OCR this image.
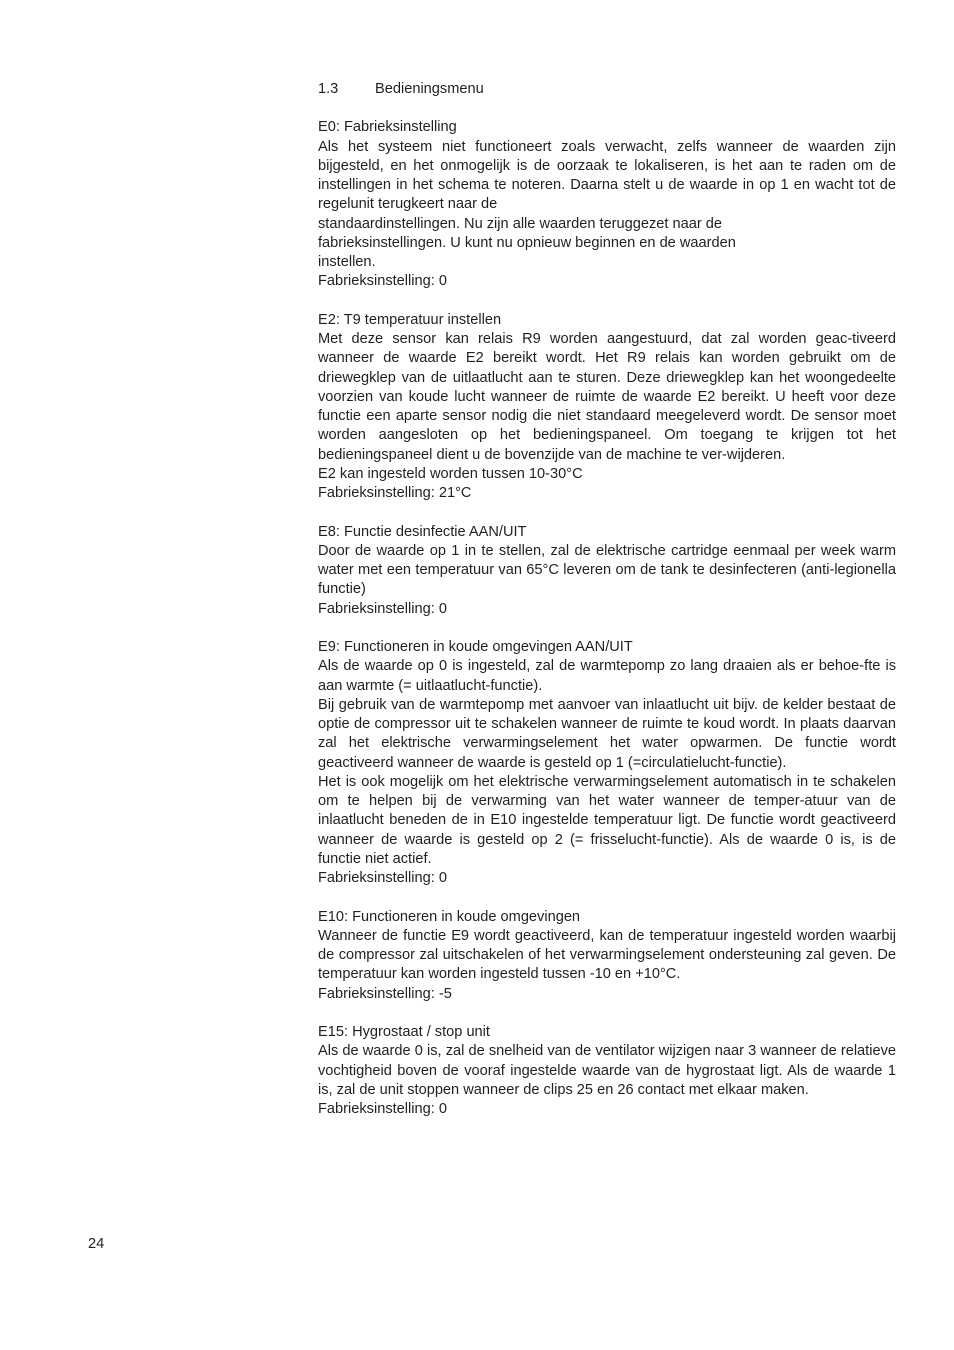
1.3	Bedieningsmenu

E0: Fabrieksinstelling

Als het systeem niet functioneert zoals verwacht, zelfs wanneer de waarden zijn bijgesteld, en het onmogelijk is de oorzaak te lokaliseren, is het aan te raden om de instellingen in het schema te noteren. Daarna stelt u de waarde in op 1 en wacht tot de regelunit terugkeert naar de

standaardinstellingen. Nu zijn alle waarden teruggezet naar de fabrieksinstellingen. U kunt nu opnieuw beginnen en de waarden instellen.

Fabrieksinstelling: 0

E2: T9 temperatuur instellen

Met deze sensor kan relais R9 worden aangestuurd, dat zal worden geac-tiveerd wanneer de waarde E2 bereikt wordt. Het R9 relais kan worden gebruikt om de driewegklep van de uitlaatlucht aan te sturen. Deze driewegklep kan het woongedeelte voorzien van koude lucht wanneer de ruimte de waarde E2 bereikt. U heeft voor deze functie een aparte sensor nodig die niet standaard meegeleverd wordt. De sensor moet worden aangesloten op het bedieningspaneel. Om toegang te krijgen tot het bedieningspaneel dient u de bovenzijde van de machine te ver-wijderen.

E2 kan ingesteld worden tussen 10-30°C

Fabrieksinstelling: 21°C

E8: Functie desinfectie AAN/UIT

Door de waarde op 1 in te stellen, zal de elektrische cartridge eenmaal per week warm water met een temperatuur van 65°C leveren om de tank te desinfecteren (anti-legionella functie)

Fabrieksinstelling: 0

E9: Functioneren in koude omgevingen AAN/UIT

Als de waarde op 0 is ingesteld, zal de warmtepomp zo lang draaien als er behoe-fte is aan warmte (= uitlaatlucht-functie).

Bij gebruik van de warmtepomp met aanvoer van inlaatlucht uit bijv. de kelder bestaat de optie de compressor uit te schakelen wanneer de ruimte te koud wordt. In plaats daarvan zal het elektrische verwarmingselement het water opwarmen. De functie wordt geactiveerd wanneer de waarde is gesteld op 1 (=circulatielucht-functie).

Het is ook mogelijk om het elektrische verwarmingselement automatisch in te schakelen om te helpen bij de verwarming van het water wanneer de temper-atuur van de inlaatlucht beneden de in E10 ingestelde temperatuur ligt. De functie wordt geactiveerd wanneer de waarde is gesteld op 2 (= frisselucht-functie). Als de waarde 0 is, is de functie niet actief.

Fabrieksinstelling: 0

E10: Functioneren in koude omgevingen

Wanneer de functie E9 wordt geactiveerd, kan de temperatuur ingesteld worden waarbij de compressor zal uitschakelen of het verwarmingselement ondersteuning zal geven. De temperatuur kan worden ingesteld tussen -10 en +10°C.

Fabrieksinstelling: -5

E15: Hygrostaat / stop unit

Als de waarde 0 is, zal de snelheid van de ventilator wijzigen naar 3 wanneer de relatieve vochtigheid boven de vooraf ingestelde waarde van de hygrostaat ligt. Als de waarde 1 is, zal de unit stoppen wanneer de clips 25 en 26 contact met elkaar maken.

Fabrieksinstelling: 0

24
